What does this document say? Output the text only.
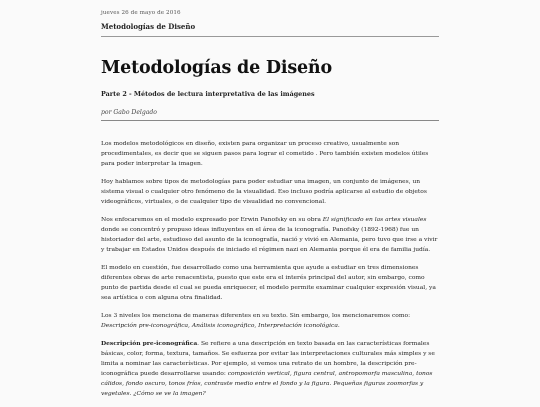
jueves 26 de mayo de 2016
Metodologías de Diseño
Metodologías de Diseño
Parte 2 - Métodos de lectura interpretativa de las imágenes
por Gabo Delgado

Los modelos metodológicos en diseño, existen para organizar un proceso creativo, usualmente son procedimentales, es decir que se siguen pasos para lograr el cometido . Pero también existen modelos útiles para poder interpretar la imagen.

Hoy hablamos sobre tipos de metodologías para poder estudiar una imagen, un conjunto de imágenes, un sistema visual o cualquier otro fenómeno de la visualidad. Eso incluso podría aplicarse al estudio de objetos videográficos, virtuales, o de cualquier tipo de visualidad no convencional.

Nos enfocaremos en el modelo expresado por Erwin Panofsky en su obra El significado en las artes visuales donde se concentró y propuso ideas influyentes en el área de la iconografía. Panofsky (1892-1968) fue un historiador del arte, estudioso del asunto de la iconografía, nació y vivió en Alemania, pero tuvo que irse a vivir y trabajar en Estados Unidos después de iniciado el régimen nazi en Alemania porque él era de familia judía.

El modelo en cuestión, fue desarrollado como una herramienta que ayude a estudiar en tres dimensiones diferentes obras de arte renacentista, puesto que este era el interés principal del autor, sin embargo, como punto de partida desde el cual se pueda enriquecer, el modelo permite examinar cualquier expresión visual, ya sea artística o con alguna otra finalidad.

Los 3 niveles los menciona de maneras diferentes en su texto. Sin embargo, los mencionaremos como: Descripción pre-iconográfica, Análisis iconográfico, Interpretación iconológica.

Descripción pre-iconográfica. Se refiere a una descripción en texto basada en las características formales básicas, color, forma, textura, tamaños. Se esfuerza por evitar las interpretaciones culturales más simples y se limita a nominar las características. Por ejemplo, si vemos una retrato de un hombre, la descripción pre-iconográfica puede desarrollarse usando: composición vertical, figura central, antropomorfa masculina, tonos cálidos, fondo oscuro, tonos fríos, contraste medio entre el fondo y la figura. Pequeñas figuras zoomorfas y vegetales. ¿Cómo se ve la imagen?
